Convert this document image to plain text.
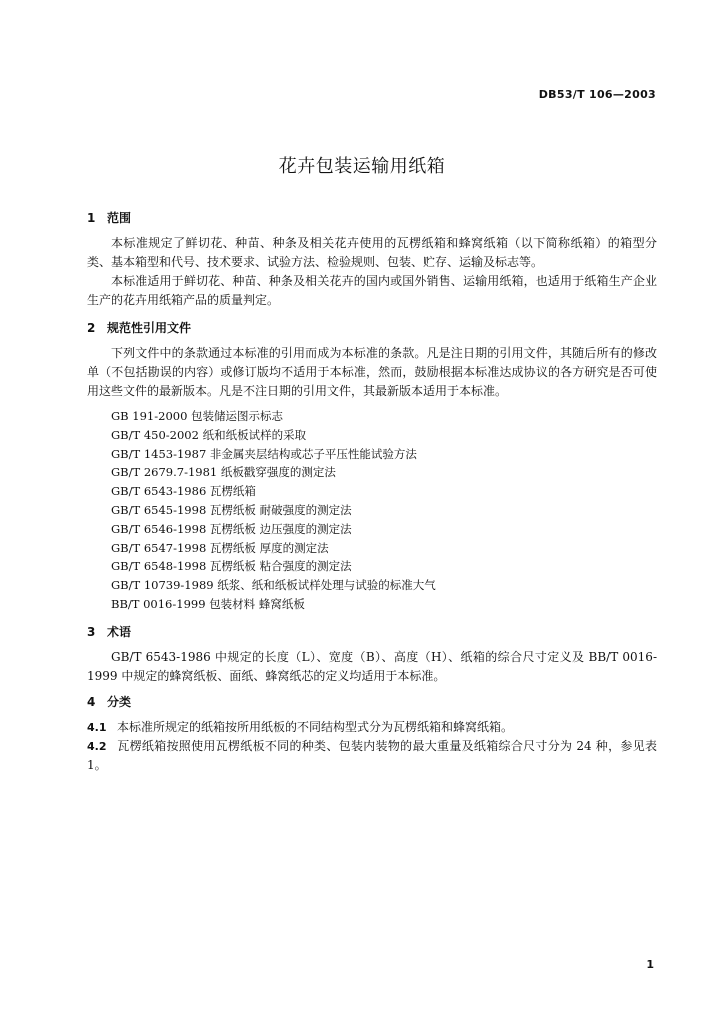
DB53/T 106—2003
花卉包装运输用纸箱
1 范围

本标准规定了鲜切花、种苗、种条及相关花卉使用的瓦楞纸箱和蜂窝纸箱（以下简称纸箱）的箱型分类、基本箱型和代号、技术要求、试验方法、检验规则、包装、贮存、运输及标志等。

本标准适用于鲜切花、种苗、种条及相关花卉的国内或国外销售、运输用纸箱，也适用于纸箱生产企业生产的花卉用纸箱产品的质量判定。

2 规范性引用文件

下列文件中的条款通过本标准的引用而成为本标准的条款。凡是注日期的引用文件，其随后所有的修改单（不包括勘误的内容）或修订版均不适用于本标准，然而，鼓励根据本标准达成协议的各方研究是否可使用这些文件的最新版本。凡是不注日期的引用文件，其最新版本适用于本标准。

GB 191-2000 包装储运图示标志
GB/T 450-2002 纸和纸板试样的采取
GB/T 1453-1987 非金属夹层结构或芯子平压性能试验方法
GB/T 2679.7-1981 纸板戳穿强度的测定法
GB/T 6543-1986 瓦楞纸箱
GB/T 6545-1998 瓦楞纸板 耐破强度的测定法
GB/T 6546-1998 瓦楞纸板 边压强度的测定法
GB/T 6547-1998 瓦楞纸板 厚度的测定法
GB/T 6548-1998 瓦楞纸板 粘合强度的测定法
GB/T 10739-1989 纸浆、纸和纸板试样处理与试验的标准大气
BB/T 0016-1999 包装材料 蜂窝纸板
3 术语

GB/T 6543-1986 中规定的长度（L）、宽度（B）、高度（H）、纸箱的综合尺寸定义及 BB/T 0016-1999 中规定的蜂窝纸板、面纸、蜂窝纸芯的定义均适用于本标准。

4 分类

4.1 本标准所规定的纸箱按所用纸板的不同结构型式分为瓦楞纸箱和蜂窝纸箱。

4.2 瓦楞纸箱按照使用瓦楞纸板不同的种类、包装内装物的最大重量及纸箱综合尺寸分为 24 种，参见表 1。

1
